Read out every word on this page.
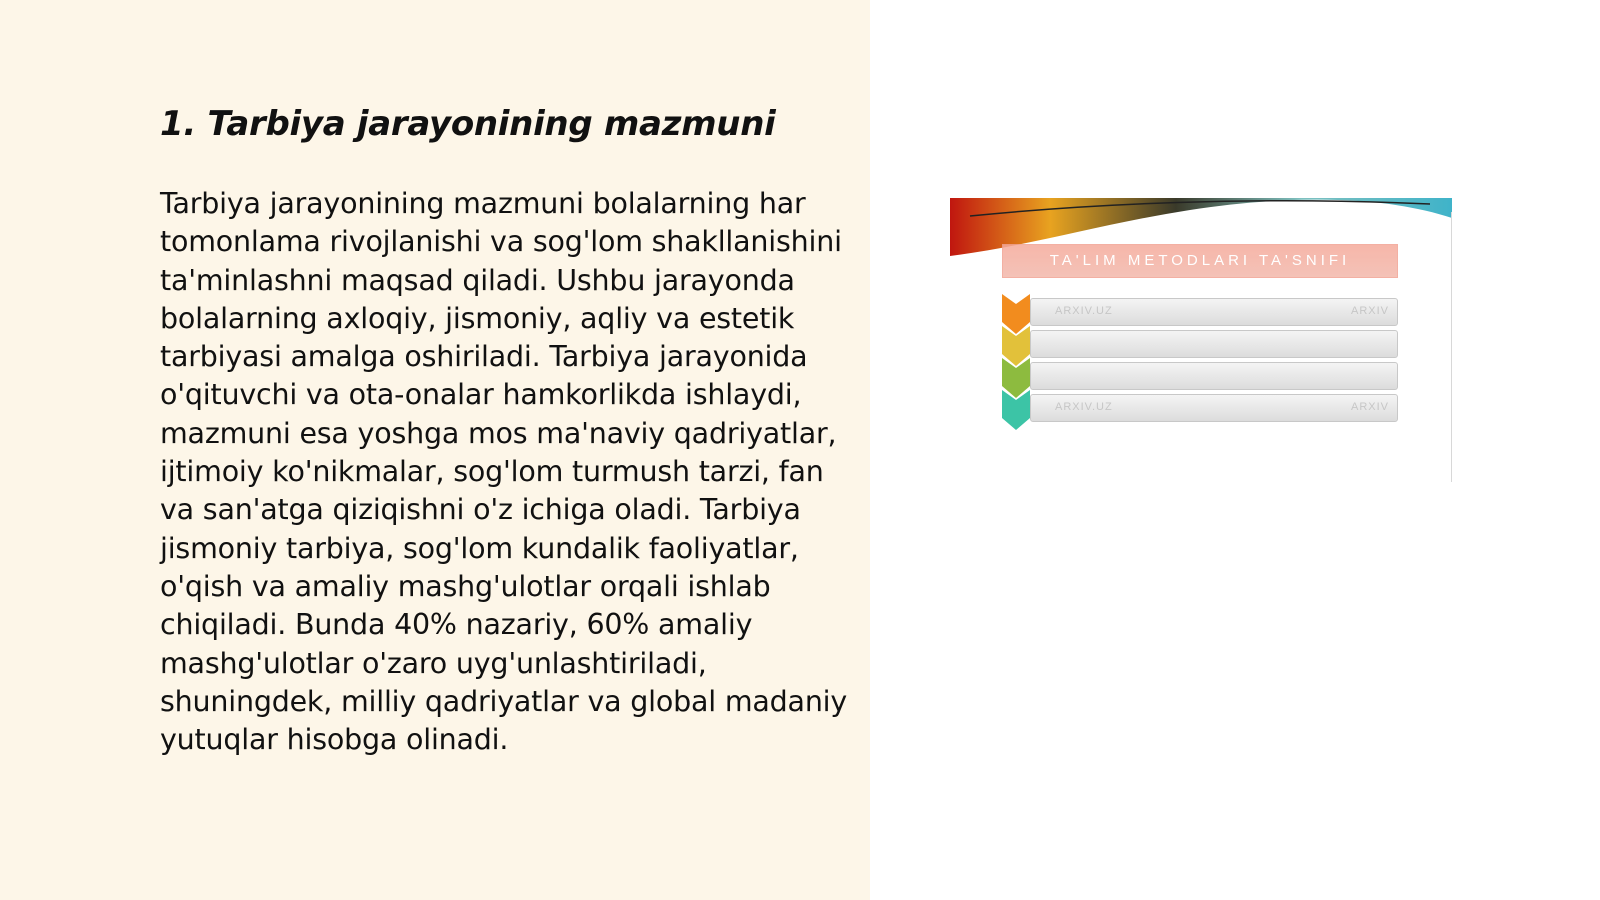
1. Tarbiya jarayonining mazmuni

Tarbiya jarayonining mazmuni bolalarning har tomonlama rivojlanishi va sog'lom shakllanishini ta'minlashni maqsad qiladi. Ushbu jarayonda bolalarning axloqiy, jismoniy, aqliy va estetik tarbiyasi amalga oshiriladi. Tarbiya jarayonida o'qituvchi va ota-onalar hamkorlikda ishlaydi, mazmuni esa yoshga mos ma'naviy qadriyatlar, ijtimoiy ko'nikmalar, sog'lom turmush tarzi, fan va san'atga qiziqishni o'z ichiga oladi. Tarbiya jismoniy tarbiya, sog'lom kundalik faoliyatlar, o'qish va amaliy mashg'ulotlar orqali ishlab chiqiladi. Bunda 40% nazariy, 60% amaliy mashg'ulotlar o'zaro uyg'unlashtiriladi, shuningdek, milliy qadriyatlar va global madaniy yutuqlar hisobga olinadi.

TA'LIM METODLARI TA'SNIFI
ARXIV.UZ	ARXIV
ARXIV.UZ	ARXIV
